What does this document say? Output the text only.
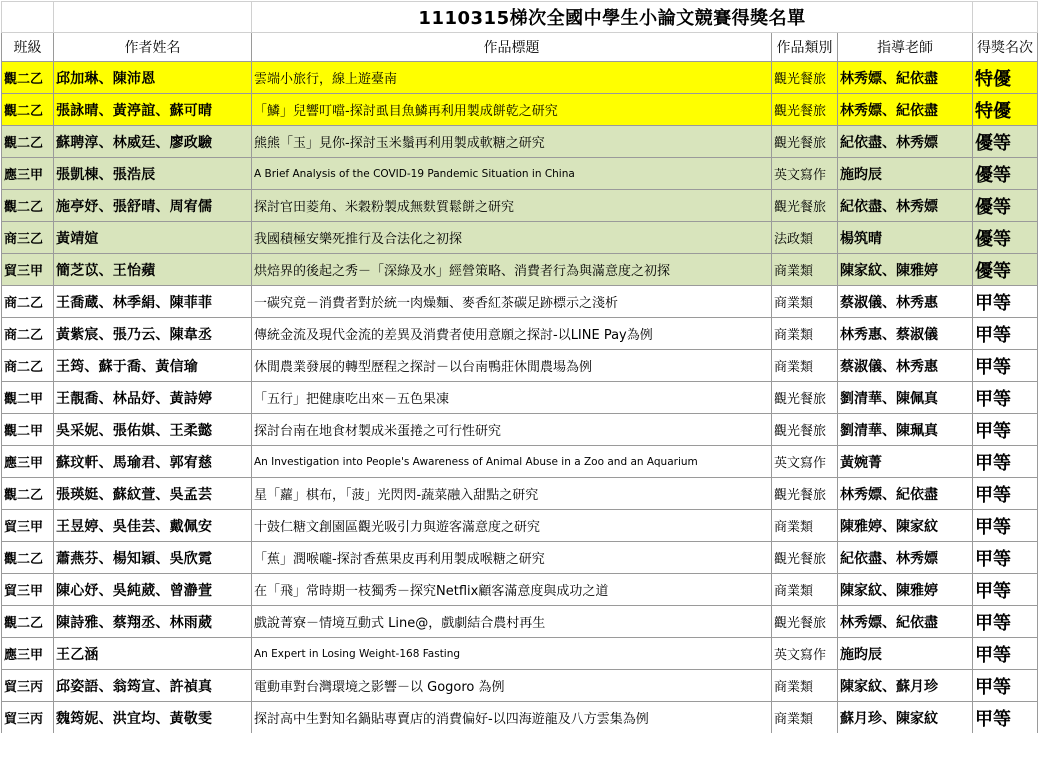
		1110315梯次全國中學生小論文競賽得獎名單			
班級	作者姓名	作品標題	作品類別	指導老師	得獎名次
觀二乙	邱加琳、陳沛恩	雲端小旅行，線上遊臺南	觀光餐旅	林秀嫖、紀依盡	特優
觀二乙	張詠晴、黃渟誼、蘇可晴	「鱗」兒響叮噹-探討虱目魚鱗再利用製成餅乾之研究	觀光餐旅	林秀嫖、紀依盡	特優
觀二乙	蘇聘淳、林威廷、廖政驗	熊熊「玉」見你-探討玉米鬚再利用製成軟糖之研究	觀光餐旅	紀依盡、林秀嫖	優等
應三甲	張凱棟、張浩辰	A Brief Analysis of the COVID-19 Pandemic Situation in China	英文寫作	施昀辰	優等
觀二乙	施亭妤、張舒晴、周宥儒	探討官田菱角、米穀粉製成無麩質鬆餅之研究	觀光餐旅	紀依盡、林秀嫖	優等
商三乙	黃靖媗	我國積極安樂死推行及合法化之初探	法政類	楊筑晴	優等
貿三甲	簡芝苡、王怡蘋	烘焙界的後起之秀－「深綠及水」經營策略、消費者行為與滿意度之初探	商業類	陳家紋、陳雅婷	優等
商二乙	王喬蔵、林季絹、陳菲菲	一碳究竟－消費者對於統一肉燥麵、麥香紅茶碳足跡標示之淺析	商業類	蔡淑儀、林秀惠	甲等
商二乙	黃紫宸、張乃云、陳韋丞	傳統金流及現代金流的差異及消費者使用意願之探討-以LINE Pay為例	商業類	林秀惠、蔡淑儀	甲等
商二乙	王筠、蘇于喬、黃信瑜	休閒農業發展的轉型歷程之探討－以台南鴨莊休閒農場為例	商業類	蔡淑儀、林秀惠	甲等
觀二甲	王靚喬、林品妤、黃詩婷	「五行」把健康吃出來－五色果凍	觀光餐旅	劉清華、陳佩真	甲等
觀二甲	吳采妮、張佑娸、王柔懿	探討台南在地食材製成米蛋捲之可行性研究	觀光餐旅	劉清華、陳珮真	甲等
應三甲	蘇玟軒、馬瑜君、郭宥慈	An Investigation into People's Awareness of Animal Abuse in a Zoo and an Aquarium	英文寫作	黃婉菁	甲等
觀二乙	張瑛娗、蘇紋萱、吳孟芸	星「蘿」棋布，「菠」光閃閃-蔬菜融入甜點之研究	觀光餐旅	林秀嫖、紀依盡	甲等
貿三甲	王昱婷、吳佳芸、戴佩安	十鼓仁糖文創園區觀光吸引力與遊客滿意度之研究	商業類	陳雅婷、陳家紋	甲等
觀二乙	蕭燕芬、楊知穎、吳欣霓	「蕉」潤喉嚨-探討香蕉果皮再利用製成喉糖之研究	觀光餐旅	紀依盡、林秀嫖	甲等
貿三甲	陳心妤、吳純葳、曾瀞萱	在「飛」常時期一枝獨秀－探究Netflix顧客滿意度與成功之道	商業類	陳家紋、陳雅婷	甲等
觀二乙	陳詩雅、蔡翔丞、林雨葳	戲說菁寮－情境互動式 Line@，戲劇結合農村再生	觀光餐旅	林秀嫖、紀依盡	甲等
應三甲	王乙涵	An Expert in Losing Weight-168 Fasting	英文寫作	施昀辰	甲等
貿三丙	邱姿語、翁筠宣、許禎真	電動車對台灣環境之影響－以 Gogoro 為例	商業類	陳家紋、蘇月珍	甲等
貿三丙	魏筠妮、洪宜均、黃敬雯	探討高中生對知名鍋貼專賣店的消費偏好-以四海遊龍及八方雲集為例	商業類	蘇月珍、陳家紋	甲等
